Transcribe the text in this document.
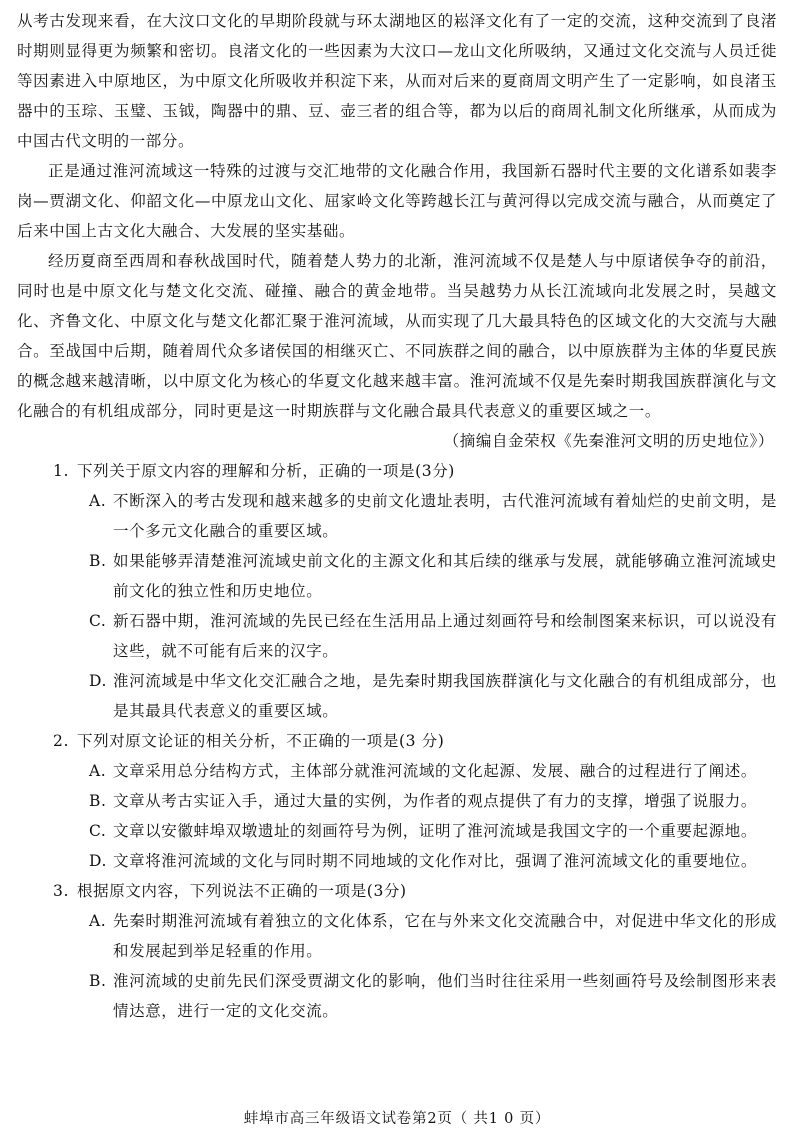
从考古发现来看，在大汶口文化的早期阶段就与环太湖地区的崧泽文化有了一定的交流，这种交流到了良渚时期则显得更为频繁和密切。良渚文化的一些因素为大汶口—龙山文化所吸纳，又通过文化交流与人员迁徙等因素进入中原地区，为中原文化所吸收并积淀下来，从而对后来的夏商周文明产生了一定影响，如良渚玉器中的玉琮、玉璧、玉钺，陶器中的鼎、豆、壶三者的组合等，都为以后的商周礼制文化所继承，从而成为中国古代文明的一部分。

正是通过淮河流域这一特殊的过渡与交汇地带的文化融合作用，我国新石器时代主要的文化谱系如裴李岗—贾湖文化、仰韶文化—中原龙山文化、屈家岭文化等跨越长江与黄河得以完成交流与融合，从而奠定了后来中国上古文化大融合、大发展的坚实基础。

经历夏商至西周和春秋战国时代，随着楚人势力的北渐，淮河流域不仅是楚人与中原诸侯争夺的前沿，同时也是中原文化与楚文化交流、碰撞、融合的黄金地带。当吴越势力从长江流域向北发展之时，吴越文化、齐鲁文化、中原文化与楚文化都汇聚于淮河流域，从而实现了几大最具特色的区域文化的大交流与大融合。至战国中后期，随着周代众多诸侯国的相继灭亡、不同族群之间的融合，以中原族群为主体的华夏民族的概念越来越清晰，以中原文化为核心的华夏文化越来越丰富。淮河流域不仅是先秦时期我国族群演化与文化融合的有机组成部分，同时更是这一时期族群与文化融合最具代表意义的重要区域之一。

（摘编自金荣权《先秦淮河文明的历史地位》）

1. 下列关于原文内容的理解和分析，正确的一项是(3分)

A. 不断深入的考古发现和越来越多的史前文化遗址表明，古代淮河流域有着灿烂的史前文明，是一个多元文化融合的重要区域。

B. 如果能够弄清楚淮河流域史前文化的主源文化和其后续的继承与发展，就能够确立淮河流域史前文化的独立性和历史地位。

C. 新石器中期，淮河流域的先民已经在生活用品上通过刻画符号和绘制图案来标识，可以说没有这些，就不可能有后来的汉字。

D. 淮河流域是中华文化交汇融合之地，是先秦时期我国族群演化与文化融合的有机组成部分，也是其最具代表意义的重要区域。

2. 下列对原文论证的相关分析，不正确的一项是(3 分)

A. 文章采用总分结构方式，主体部分就淮河流域的文化起源、发展、融合的过程进行了阐述。

B. 文章从考古实证入手，通过大量的实例，为作者的观点提供了有力的支撑，增强了说服力。

C. 文章以安徽蚌埠双墩遗址的刻画符号为例，证明了淮河流域是我国文字的一个重要起源地。

D. 文章将淮河流域的文化与同时期不同地域的文化作对比，强调了淮河流域文化的重要地位。

3. 根据原文内容，下列说法不正确的一项是(3分)

A. 先秦时期淮河流域有着独立的文化体系，它在与外来文化交流融合中，对促进中华文化的形成和发展起到举足轻重的作用。

B. 淮河流域的史前先民们深受贾湖文化的影响，他们当时往往采用一些刻画符号及绘制图形来表情达意，进行一定的文化交流。

蚌埠市高三年级语文试卷第2页（ 共1 0 页）
